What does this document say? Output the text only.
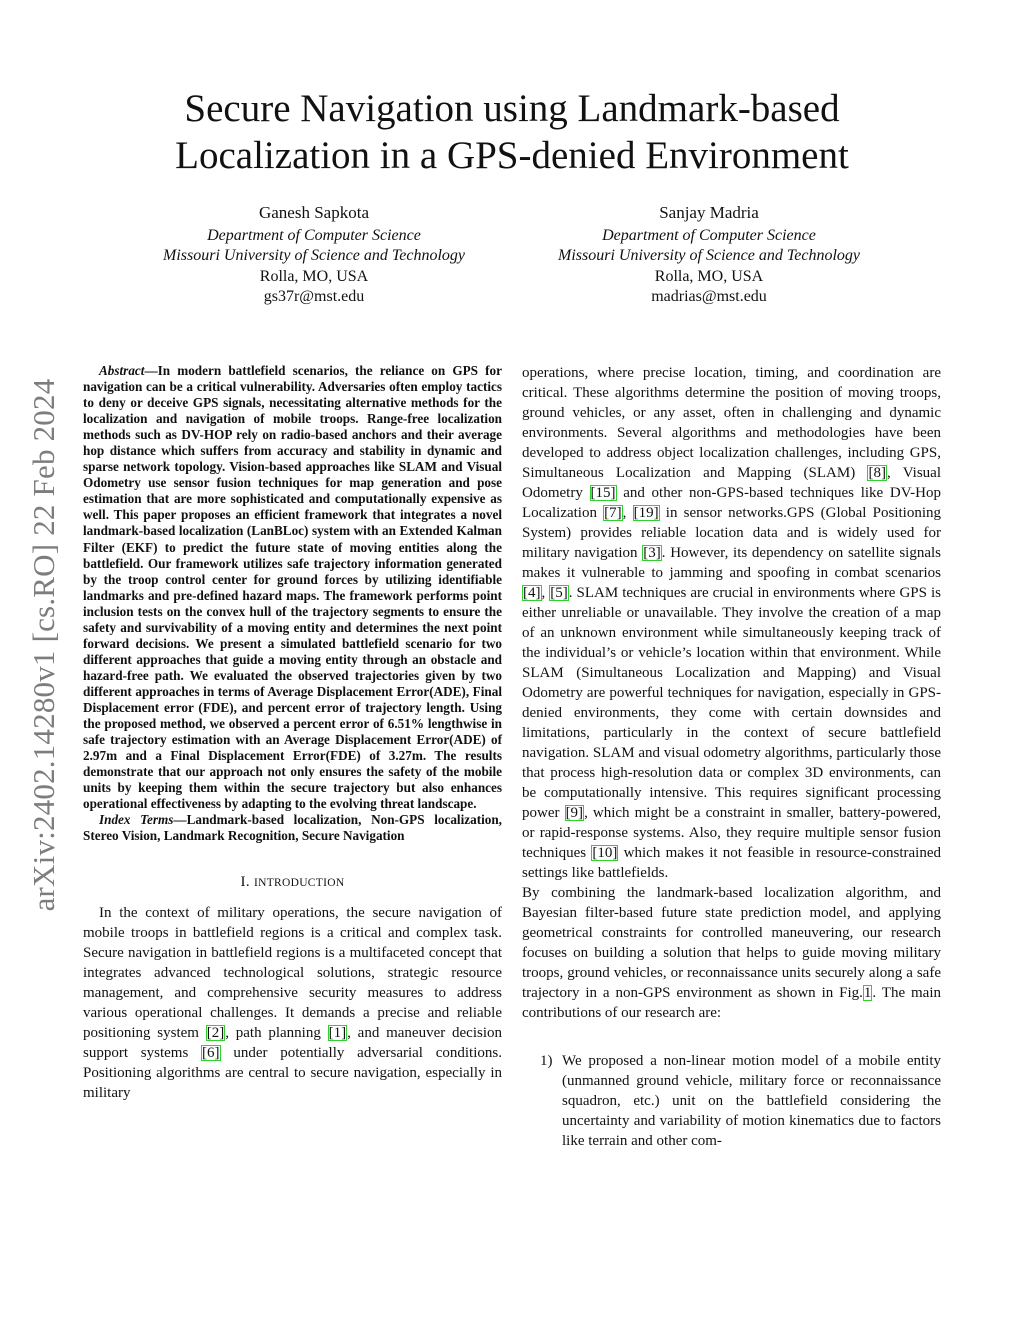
arXiv:2402.14280v1 [cs.RO] 22 Feb 2024
Secure Navigation using Landmark-based
Localization in a GPS-denied Environment
Ganesh Sapkota
Department of Computer Science
Missouri University of Science and Technology
Rolla, MO, USA
gs37r@mst.edu
Sanjay Madria
Department of Computer Science
Missouri University of Science and Technology
Rolla, MO, USA
madrias@mst.edu

Abstract—In modern battlefield scenarios, the reliance on GPS for navigation can be a critical vulnerability. Adversaries often employ tactics to deny or deceive GPS signals, necessitating alternative methods for the localization and navigation of mobile troops. Range-free localization methods such as DV-HOP rely on radio-based anchors and their average hop distance which suffers from accuracy and stability in dynamic and sparse network topology. Vision-based approaches like SLAM and Visual Odometry use sensor fusion techniques for map generation and pose estimation that are more sophisticated and computationally expensive as well. This paper proposes an efficient framework that integrates a novel landmark-based localization (LanBLoc) system with an Extended Kalman Filter (EKF) to predict the future state of moving entities along the battlefield. Our framework utilizes safe trajectory information generated by the troop control center for ground forces by utilizing identifiable landmarks and pre-defined hazard maps. The framework performs point inclusion tests on the convex hull of the trajectory segments to ensure the safety and survivability of a moving entity and determines the next point forward decisions. We present a simulated battlefield scenario for two different approaches that guide a moving entity through an obstacle and hazard-free path. We evaluated the observed trajectories given by two different approaches in terms of Average Displacement Error(ADE), Final Displacement error (FDE), and percent error of trajectory length. Using the proposed method, we observed a percent error of 6.51% lengthwise in safe trajectory estimation with an Average Displacement Error(ADE) of 2.97m and a Final Displacement Error(FDE) of 3.27m. The results demonstrate that our approach not only ensures the safety of the mobile units by keeping them within the secure trajectory but also enhances operational effectiveness by adapting to the evolving threat landscape.

Index Terms—Landmark-based localization, Non-GPS localization, Stereo Vision, Landmark Recognition, Secure Navigation

I. INTRODUCTION

In the context of military operations, the secure navigation of mobile troops in battlefield regions is a critical and complex task. Secure navigation in battlefield regions is a multifaceted concept that integrates advanced technological solutions, strategic resource management, and comprehensive security measures to address various operational challenges. It demands a precise and reliable positioning system [2], path planning [1], and maneuver decision support systems [6] under potentially adversarial conditions. Positioning algorithms are central to secure navigation, especially in military

operations, where precise location, timing, and coordination are critical. These algorithms determine the position of moving troops, ground vehicles, or any asset, often in challenging and dynamic environments. Several algorithms and methodologies have been developed to address object localization challenges, including GPS, Simultaneous Localization and Mapping (SLAM) [8], Visual Odometry [15] and other non-GPS-based techniques like DV-Hop Localization [7], [19] in sensor networks.GPS (Global Positioning System) provides reliable location data and is widely used for military navigation [3]. However, its dependency on satellite signals makes it vulnerable to jamming and spoofing in combat scenarios [4], [5]. SLAM techniques are crucial in environments where GPS is either unreliable or unavailable. They involve the creation of a map of an unknown environment while simultaneously keeping track of the individual’s or vehicle’s location within that environment. While SLAM (Simultaneous Localization and Mapping) and Visual Odometry are powerful techniques for navigation, especially in GPS-denied environments, they come with certain downsides and limitations, particularly in the context of secure battlefield navigation. SLAM and visual odometry algorithms, particularly those that process high-resolution data or complex 3D environments, can be computationally intensive. This requires significant processing power [9], which might be a constraint in smaller, battery-powered, or rapid-response systems. Also, they require multiple sensor fusion techniques [10] which makes it not feasible in resource-constrained settings like battlefields.

By combining the landmark-based localization algorithm, and Bayesian filter-based future state prediction model, and applying geometrical constraints for controlled maneuvering, our research focuses on building a solution that helps to guide moving military troops, ground vehicles, or reconnaissance units securely along a safe trajectory in a non-GPS environment as shown in Fig.1. The main contributions of our research are:

1) We proposed a non-linear motion model of a mobile entity (unmanned ground vehicle, military force or reconnaissance squadron, etc.) unit on the battlefield considering the uncertainty and variability of motion kinematics due to factors like terrain and other com-
